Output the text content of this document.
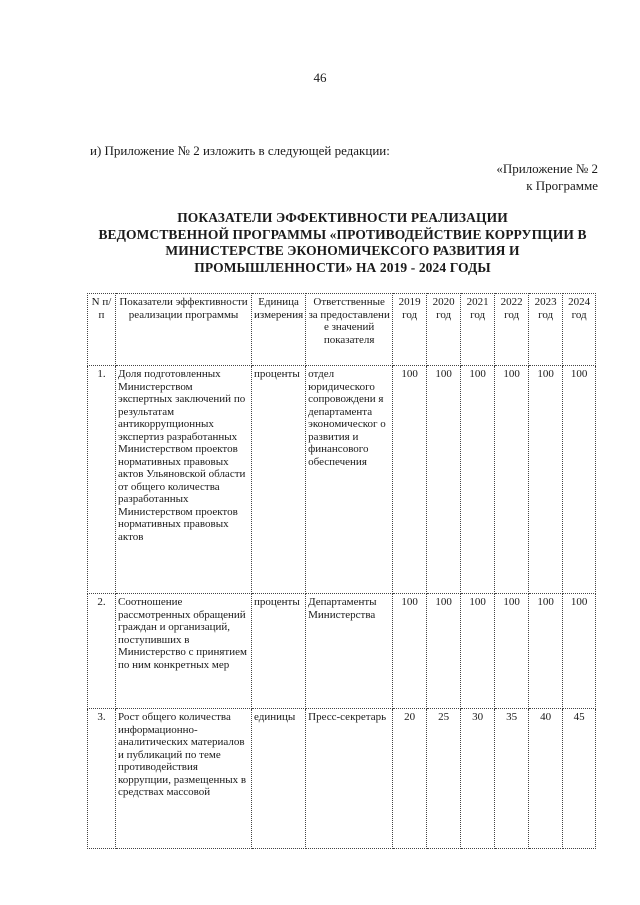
46
и) Приложение № 2 изложить в следующей редакции:
«Приложение № 2
к Программе
ПОКАЗАТЕЛИ ЭФФЕКТИВНОСТИ РЕАЛИЗАЦИИ
ВЕДОМСТВЕННОЙ ПРОГРАММЫ «ПРОТИВОДЕЙСТВИЕ КОРРУПЦИИ В
МИНИСТЕРСТВЕ ЭКОНОМИЧЕКСОГО РАЗВИТИЯ И
ПРОМЫШЛЕННОСТИ» НА 2019 - 2024 ГОДЫ
N п/п	Показатели эффективности реализации программы	Единица измерения	Ответственные за предоставлени е значений показателя	2019 год	2020 год	2021 год	2022 год	2023 год	2024 год
1.	Доля подготовленных Министерством экспертных заключений по результатам антикоррупционных экспертиз разработанных Министерством проектов нормативных правовых актов Ульяновской области от общего количества разработанных Министерством проектов нормативных правовых актов	проценты	отдел юридического сопровождени я департамента экономическог о развития и финансового обеспечения	100	100	100	100	100	100
2.	Соотношение рассмотренных обращений граждан и организаций, поступивших в Министерство с принятием по ним конкретных мер	проценты	Департаменты Министерства	100	100	100	100	100	100
3.	Рост общего количества информационно-аналитических материалов и публикаций по теме противодействия коррупции, размещенных в средствах массовой	единицы	Пресс-секретарь	20	25	30	35	40	45
